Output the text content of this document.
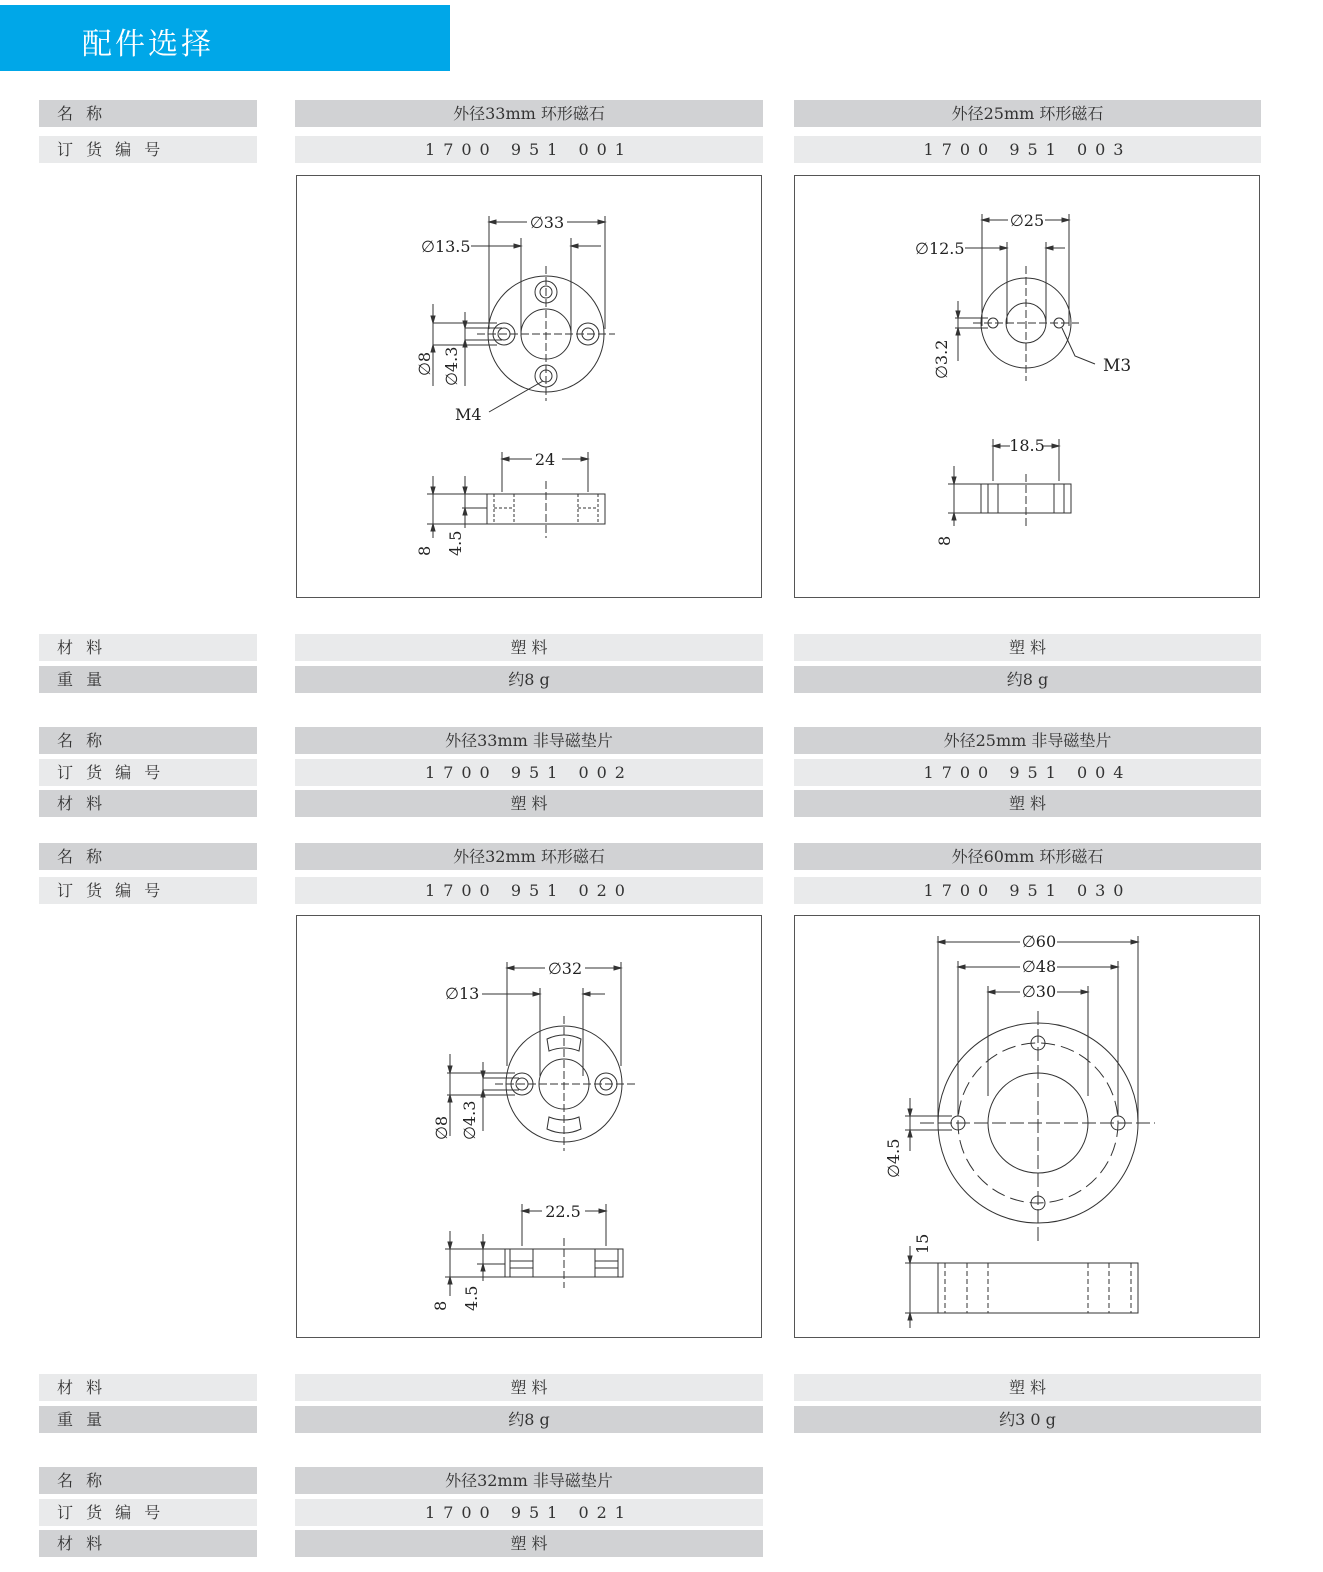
配件选择
名 称
订 货 编 号
外径33mm 环形磁石
1700 951 001
外径25mm 环形磁石
1700 951 003
∅33
∅13.5
∅8 ∅4.3
M4
24
8 4.5
∅25
∅12.5
∅3.2	M3
18.5
8
材 料
重 量
塑 料
约8 g
塑 料
约8 g
名 称
订 货 编 号
材 料
外径33mm 非导磁垫片
1700 951 002
塑 料
外径25mm 非导磁垫片
1700 951 004
塑 料
名 称
订 货 编 号
外径32mm 环形磁石
1700 951 020
外径60mm 环形磁石
1700 951 030
∅32
∅13
∅8 ∅4.3
22.5
8 4.5
∅60
∅48
∅30
∅4.5
15
材 料
重 量
塑 料
约8 g
塑 料
约3 0 g
名 称
订 货 编 号
材 料
外径32mm 非导磁垫片
1700 951 021
塑 料
